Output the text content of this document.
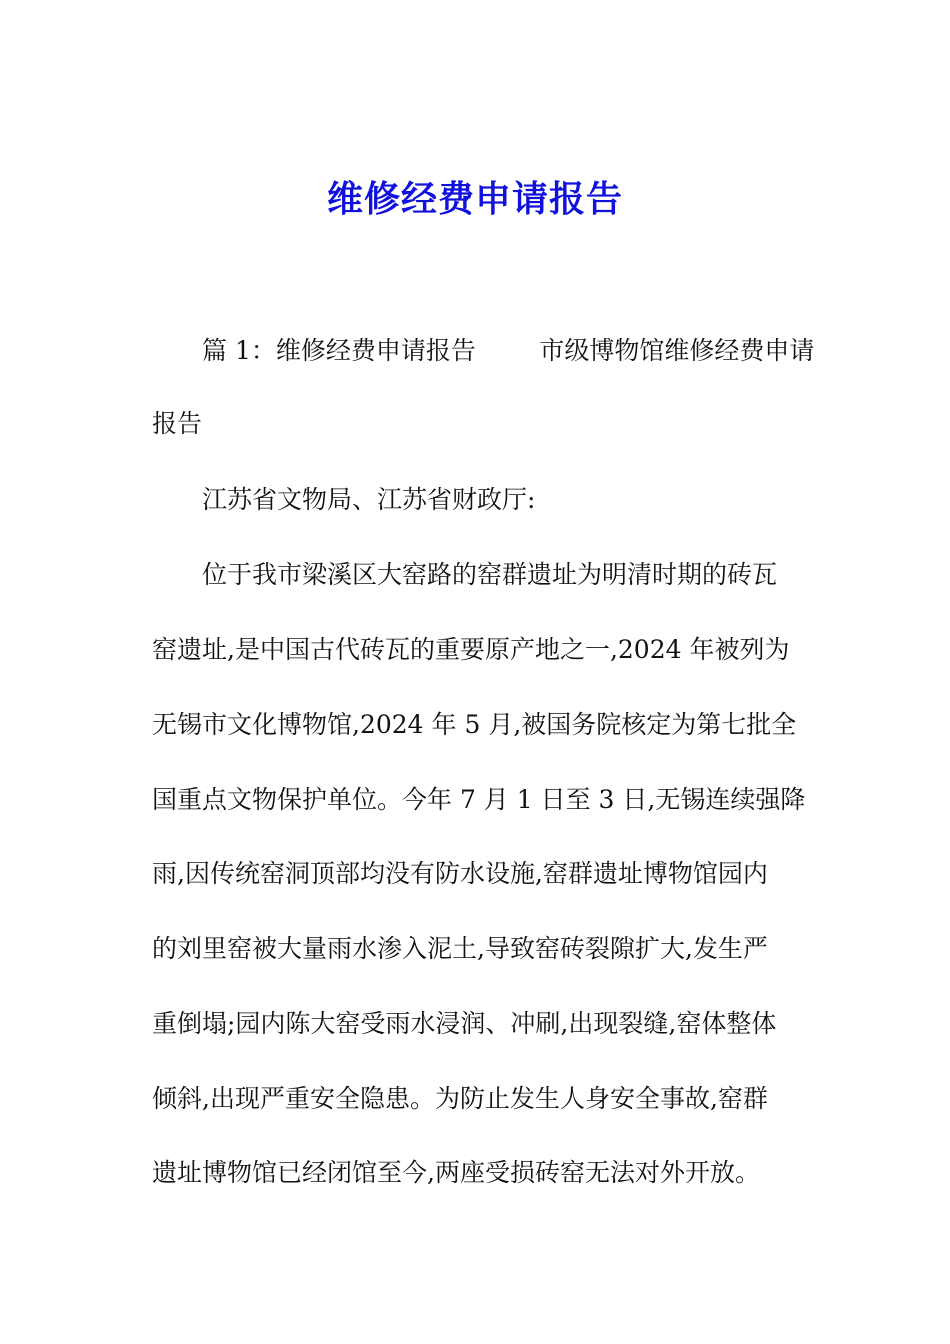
维修经费申请报告

篇 1：维修经费申请报告        市级博物馆维修经费申请

报告

江苏省文物局、江苏省财政厅:

位于我市梁溪区大窑路的窑群遗址为明清时期的砖瓦

窑遗址,是中国古代砖瓦的重要原产地之一,2024 年被列为

无锡市文化博物馆,2024 年 5 月,被国务院核定为第七批全

国重点文物保护单位。今年 7 月 1 日至 3 日,无锡连续强降

雨,因传统窑洞顶部均没有防水设施,窑群遗址博物馆园内

的刘里窑被大量雨水渗入泥土,导致窑砖裂隙扩大,发生严

重倒塌;园内陈大窑受雨水浸润、冲刷,出现裂缝,窑体整体

倾斜,出现严重安全隐患。为防止发生人身安全事故,窑群

遗址博物馆已经闭馆至今,两座受损砖窑无法对外开放。
